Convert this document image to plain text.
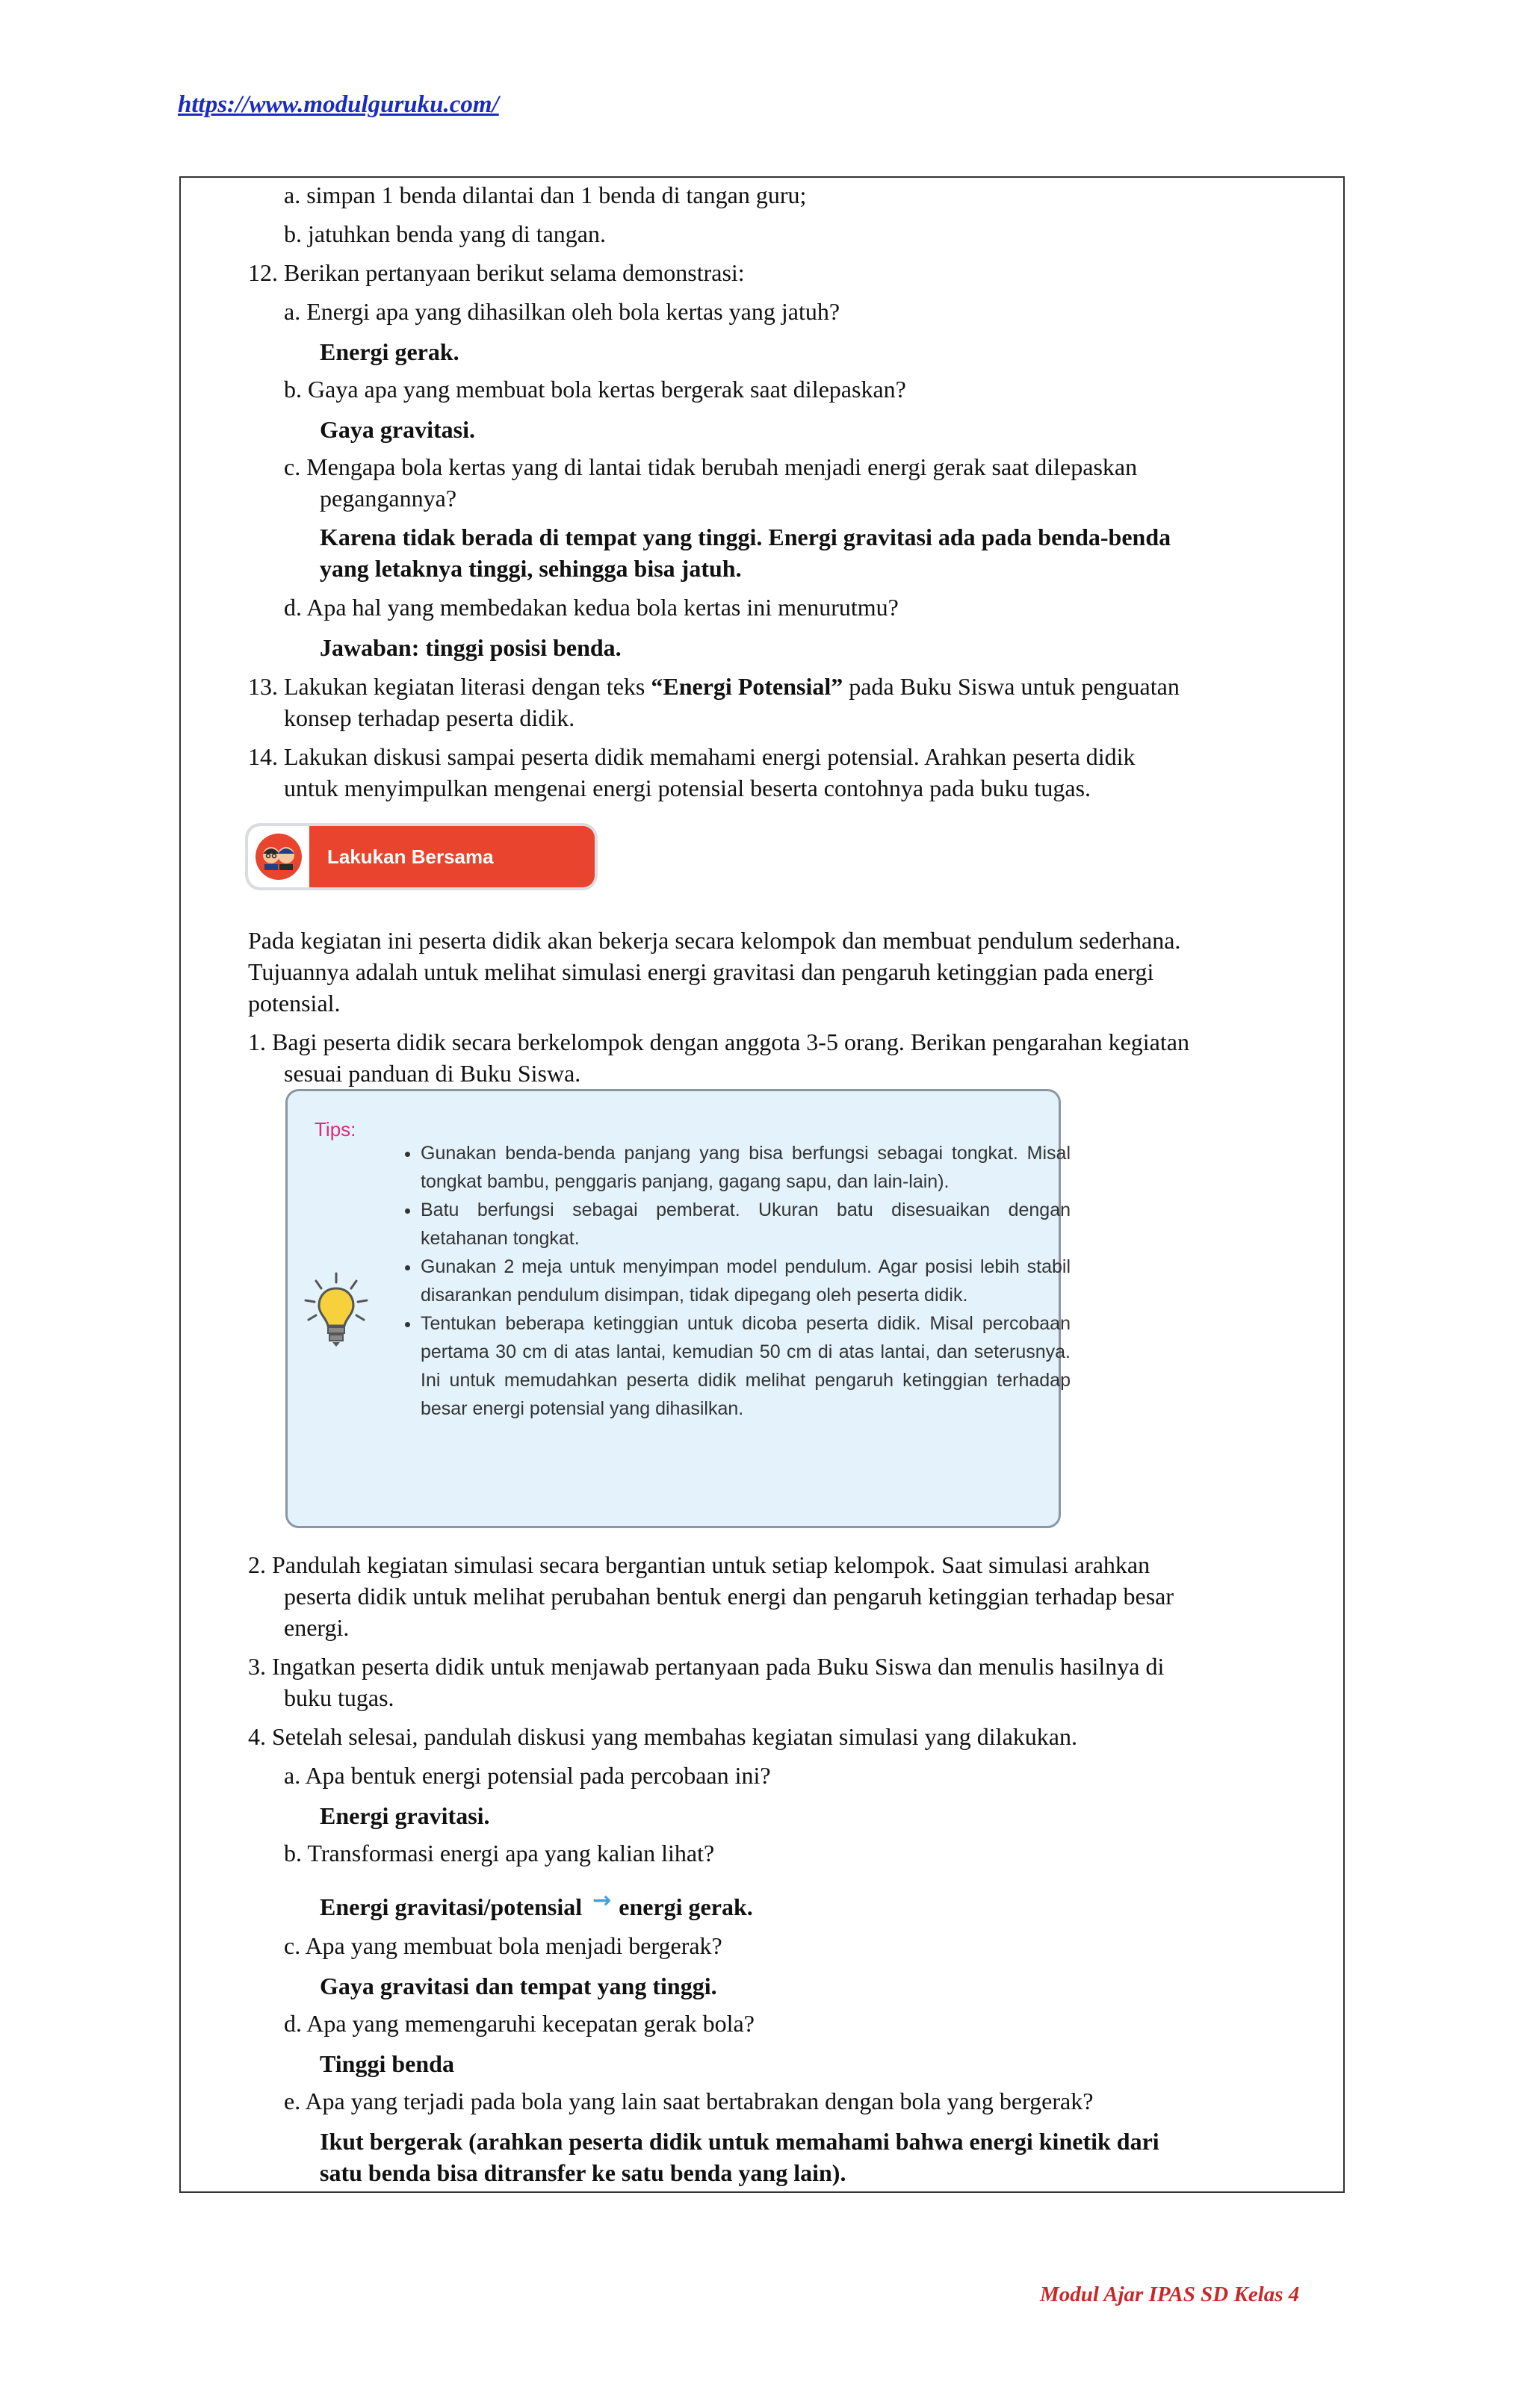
https://www.modulguruku.com/
a. simpan 1 benda dilantai dan 1 benda di tangan guru;
b. jatuhkan benda yang di tangan.
12. Berikan pertanyaan berikut selama demonstrasi:
a. Energi apa yang dihasilkan oleh bola kertas yang jatuh?
Energi gerak.
b. Gaya apa yang membuat bola kertas bergerak saat dilepaskan?
Gaya gravitasi.
c. Mengapa bola kertas yang di lantai tidak berubah menjadi energi gerak saat dilepaskan
pegangannya?
Karena tidak berada di tempat yang tinggi. Energi gravitasi ada pada benda-benda
yang letaknya tinggi, sehingga bisa jatuh.
d. Apa hal yang membedakan kedua bola kertas ini menurutmu?
Jawaban: tinggi posisi benda.
13. Lakukan kegiatan literasi dengan teks “Energi Potensial” pada Buku Siswa untuk penguatan
konsep terhadap peserta didik.
14. Lakukan diskusi sampai peserta didik memahami energi potensial. Arahkan peserta didik
untuk menyimpulkan mengenai energi potensial beserta contohnya pada buku tugas.
Lakukan Bersama
Pada kegiatan ini peserta didik akan bekerja secara kelompok dan membuat pendulum sederhana.
Tujuannya adalah untuk melihat simulasi energi gravitasi dan pengaruh ketinggian pada energi
potensial.
1. Bagi peserta didik secara berkelompok dengan anggota 3-5 orang. Berikan pengarahan kegiatan
sesuai panduan di Buku Siswa.
Tips:
• Gunakan benda-benda panjang yang bisa berfungsi sebagai tongkat. Misal tongkat bambu, penggaris panjang, gagang sapu, dan lain-lain).
• Batu berfungsi sebagai pemberat. Ukuran batu disesuaikan dengan ketahanan tongkat.
• Gunakan 2 meja untuk menyimpan model pendulum. Agar posisi lebih stabil disarankan pendulum disimpan, tidak dipegang oleh peserta didik.
• Tentukan beberapa ketinggian untuk dicoba peserta didik. Misal percobaan pertama 30 cm di atas lantai, kemudian 50 cm di atas lantai, dan seterusnya. Ini untuk memudahkan peserta didik melihat pengaruh ketinggian terhadap besar energi potensial yang dihasilkan.
2. Pandulah kegiatan simulasi secara bergantian untuk setiap kelompok. Saat simulasi arahkan
peserta didik untuk melihat perubahan bentuk energi dan pengaruh ketinggian terhadap besar
energi.
3. Ingatkan peserta didik untuk menjawab pertanyaan pada Buku Siswa dan menulis hasilnya di
buku tugas.
4. Setelah selesai, pandulah diskusi yang membahas kegiatan simulasi yang dilakukan.
a. Apa bentuk energi potensial pada percobaan ini?
Energi gravitasi.
b. Transformasi energi apa yang kalian lihat?
Energi gravitasi/potensial → energi gerak.
c. Apa yang membuat bola menjadi bergerak?
Gaya gravitasi dan tempat yang tinggi.
d. Apa yang memengaruhi kecepatan gerak bola?
Tinggi benda
e. Apa yang terjadi pada bola yang lain saat bertabrakan dengan bola yang bergerak?
Ikut bergerak (arahkan peserta didik untuk memahami bahwa energi kinetik dari
satu benda bisa ditransfer ke satu benda yang lain).
Modul Ajar IPAS SD Kelas 4
